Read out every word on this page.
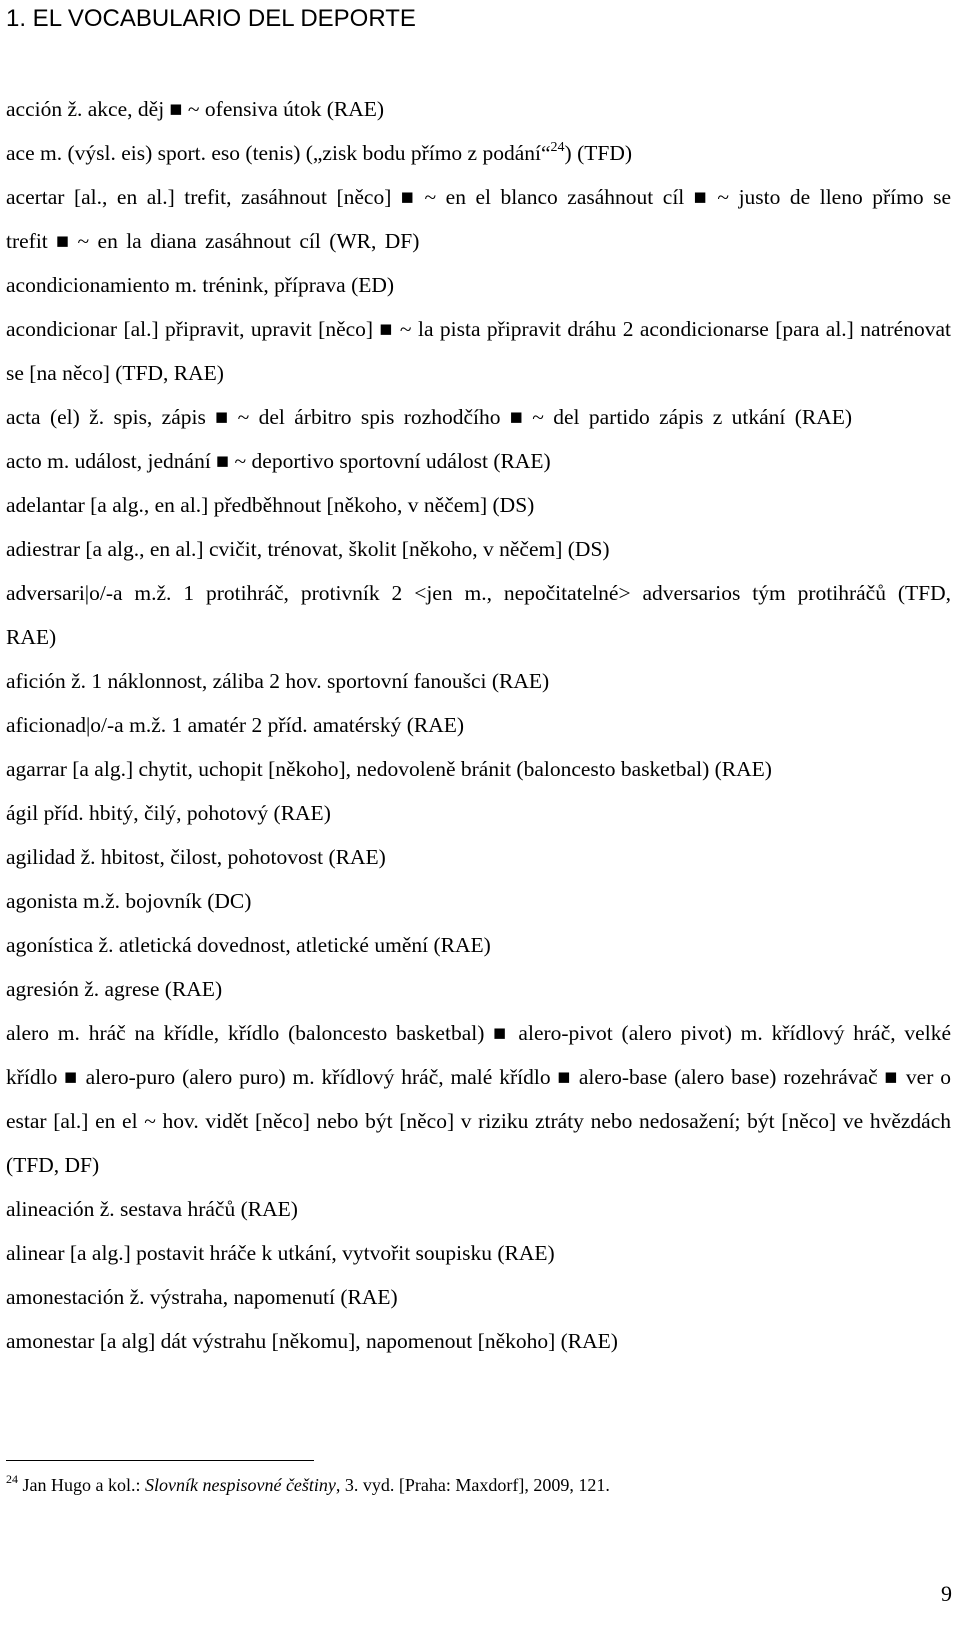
1. EL VOCABULARIO DEL DEPORTE

acción ž. akce, děj ■ ~ ofensiva útok (RAE)

ace m. (výsl. eis) sport. eso (tenis) („zisk bodu přímo z podání“$^{24}$) (TFD)

acertar [al., en al.] trefit, zasáhnout [něco] ■ ~ en el blanco zasáhnout cíl ■ ~ justo de lleno přímo se trefit ■ ~ en la diana zasáhnout cíl (WR, DF)

acondicionamiento m. trénink, příprava (ED)

acondicionar [al.] připravit, upravit [něco] ■ ~ la pista připravit dráhu 2 acondicionarse [para al.] natrénovat se [na něco] (TFD, RAE)

acta (el) ž. spis, zápis ■ ~ del árbitro spis rozhodčího ■ ~ del partido zápis z utkání (RAE)

acto m. událost, jednání ■ ~ deportivo sportovní událost (RAE)

adelantar [a alg., en al.] předběhnout [někoho, v něčem] (DS)

adiestrar [a alg., en al.] cvičit, trénovat, školit [někoho, v něčem] (DS)

adversari|o/-a m.ž. 1 protihráč, protivník 2 <jen m., nepočitatelné> adversarios tým protihráčů (TFD, RAE)

afición ž. 1 náklonnost, záliba 2 hov. sportovní fanoušci (RAE)

aficionad|o/-a m.ž. 1 amatér 2 příd. amatérský (RAE)

agarrar [a alg.] chytit, uchopit [někoho], nedovoleně bránit (baloncesto basketbal) (RAE)

ágil příd. hbitý, čilý, pohotový (RAE)

agilidad ž. hbitost, čilost, pohotovost (RAE)

agonista m.ž. bojovník (DC)

agonística ž. atletická dovednost, atletické umění (RAE)

agresión ž. agrese (RAE)

alero m. hráč na křídle, křídlo (baloncesto basketbal) ■ alero-pivot (alero pivot) m. křídlový hráč, velké křídlo ■ alero-puro (alero puro) m. křídlový hráč, malé křídlo ■ alero-base (alero base) rozehrávač ■ ver o estar [al.] en el ~ hov. vidět [něco] nebo být [něco] v riziku ztráty nebo nedosažení; být [něco] ve hvězdách (TFD, DF)

alineación ž. sestava hráčů (RAE)

alinear [a alg.] postavit hráče k utkání, vytvořit soupisku (RAE)

amonestación ž. výstraha, napomenutí (RAE)

amonestar [a alg] dát výstrahu [někomu], napomenout [někoho] (RAE)

$^{24}$ Jan Hugo a kol.: Slovník nespisovné češtiny, 3. vyd. [Praha: Maxdorf], 2009, 121.
9
